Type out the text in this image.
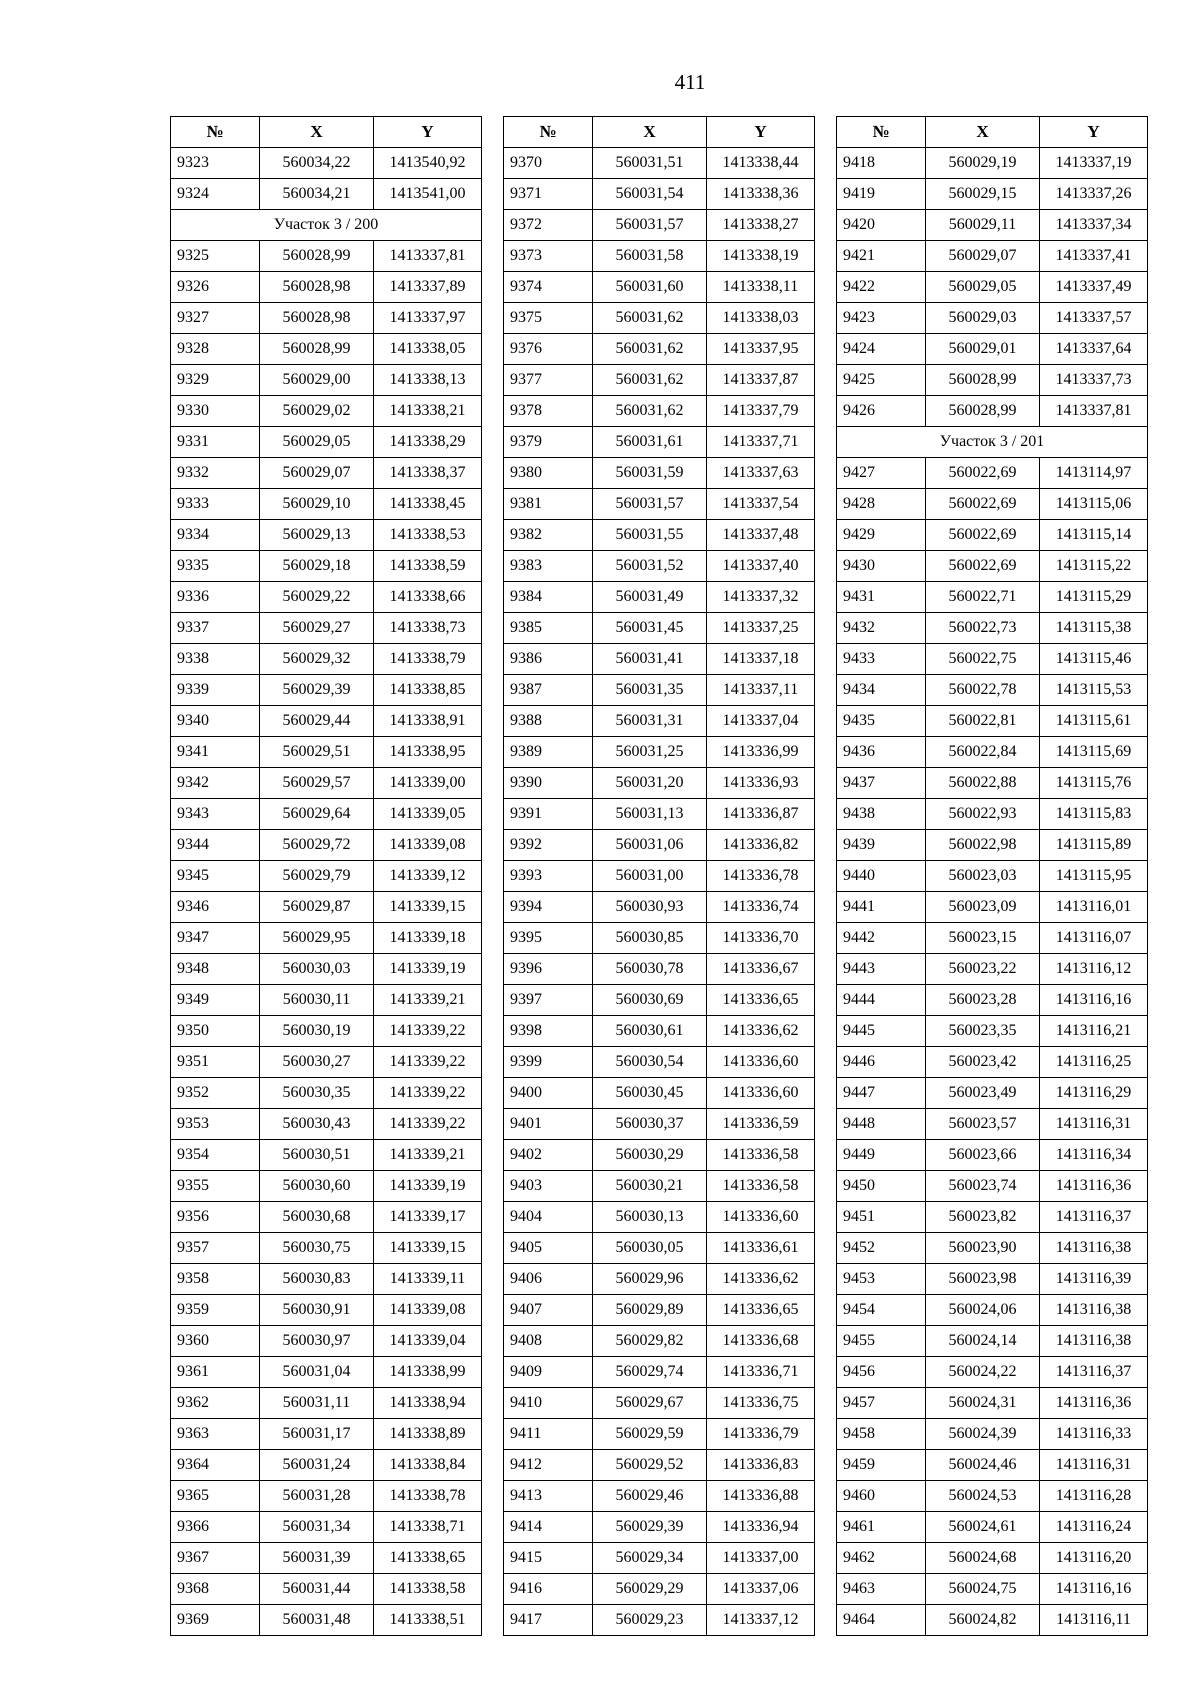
411
№	X	Y
9323	560034,22	1413540,92
9324	560034,21	1413541,00
Участок 3 / 200		
9325	560028,99	1413337,81
9326	560028,98	1413337,89
9327	560028,98	1413337,97
9328	560028,99	1413338,05
9329	560029,00	1413338,13
9330	560029,02	1413338,21
9331	560029,05	1413338,29
9332	560029,07	1413338,37
9333	560029,10	1413338,45
9334	560029,13	1413338,53
9335	560029,18	1413338,59
9336	560029,22	1413338,66
9337	560029,27	1413338,73
9338	560029,32	1413338,79
9339	560029,39	1413338,85
9340	560029,44	1413338,91
9341	560029,51	1413338,95
9342	560029,57	1413339,00
9343	560029,64	1413339,05
9344	560029,72	1413339,08
9345	560029,79	1413339,12
9346	560029,87	1413339,15
9347	560029,95	1413339,18
9348	560030,03	1413339,19
9349	560030,11	1413339,21
9350	560030,19	1413339,22
9351	560030,27	1413339,22
9352	560030,35	1413339,22
9353	560030,43	1413339,22
9354	560030,51	1413339,21
9355	560030,60	1413339,19
9356	560030,68	1413339,17
9357	560030,75	1413339,15
9358	560030,83	1413339,11
9359	560030,91	1413339,08
9360	560030,97	1413339,04
9361	560031,04	1413338,99
9362	560031,11	1413338,94
9363	560031,17	1413338,89
9364	560031,24	1413338,84
9365	560031,28	1413338,78
9366	560031,34	1413338,71
9367	560031,39	1413338,65
9368	560031,44	1413338,58
9369	560031,48	1413338,51
№	X	Y
9370	560031,51	1413338,44
9371	560031,54	1413338,36
9372	560031,57	1413338,27
9373	560031,58	1413338,19
9374	560031,60	1413338,11
9375	560031,62	1413338,03
9376	560031,62	1413337,95
9377	560031,62	1413337,87
9378	560031,62	1413337,79
9379	560031,61	1413337,71
9380	560031,59	1413337,63
9381	560031,57	1413337,54
9382	560031,55	1413337,48
9383	560031,52	1413337,40
9384	560031,49	1413337,32
9385	560031,45	1413337,25
9386	560031,41	1413337,18
9387	560031,35	1413337,11
9388	560031,31	1413337,04
9389	560031,25	1413336,99
9390	560031,20	1413336,93
9391	560031,13	1413336,87
9392	560031,06	1413336,82
9393	560031,00	1413336,78
9394	560030,93	1413336,74
9395	560030,85	1413336,70
9396	560030,78	1413336,67
9397	560030,69	1413336,65
9398	560030,61	1413336,62
9399	560030,54	1413336,60
9400	560030,45	1413336,60
9401	560030,37	1413336,59
9402	560030,29	1413336,58
9403	560030,21	1413336,58
9404	560030,13	1413336,60
9405	560030,05	1413336,61
9406	560029,96	1413336,62
9407	560029,89	1413336,65
9408	560029,82	1413336,68
9409	560029,74	1413336,71
9410	560029,67	1413336,75
9411	560029,59	1413336,79
9412	560029,52	1413336,83
9413	560029,46	1413336,88
9414	560029,39	1413336,94
9415	560029,34	1413337,00
9416	560029,29	1413337,06
9417	560029,23	1413337,12
№	X	Y
9418	560029,19	1413337,19
9419	560029,15	1413337,26
9420	560029,11	1413337,34
9421	560029,07	1413337,41
9422	560029,05	1413337,49
9423	560029,03	1413337,57
9424	560029,01	1413337,64
9425	560028,99	1413337,73
9426	560028,99	1413337,81
Участок 3 / 201		
9427	560022,69	1413114,97
9428	560022,69	1413115,06
9429	560022,69	1413115,14
9430	560022,69	1413115,22
9431	560022,71	1413115,29
9432	560022,73	1413115,38
9433	560022,75	1413115,46
9434	560022,78	1413115,53
9435	560022,81	1413115,61
9436	560022,84	1413115,69
9437	560022,88	1413115,76
9438	560022,93	1413115,83
9439	560022,98	1413115,89
9440	560023,03	1413115,95
9441	560023,09	1413116,01
9442	560023,15	1413116,07
9443	560023,22	1413116,12
9444	560023,28	1413116,16
9445	560023,35	1413116,21
9446	560023,42	1413116,25
9447	560023,49	1413116,29
9448	560023,57	1413116,31
9449	560023,66	1413116,34
9450	560023,74	1413116,36
9451	560023,82	1413116,37
9452	560023,90	1413116,38
9453	560023,98	1413116,39
9454	560024,06	1413116,38
9455	560024,14	1413116,38
9456	560024,22	1413116,37
9457	560024,31	1413116,36
9458	560024,39	1413116,33
9459	560024,46	1413116,31
9460	560024,53	1413116,28
9461	560024,61	1413116,24
9462	560024,68	1413116,20
9463	560024,75	1413116,16
9464	560024,82	1413116,11
